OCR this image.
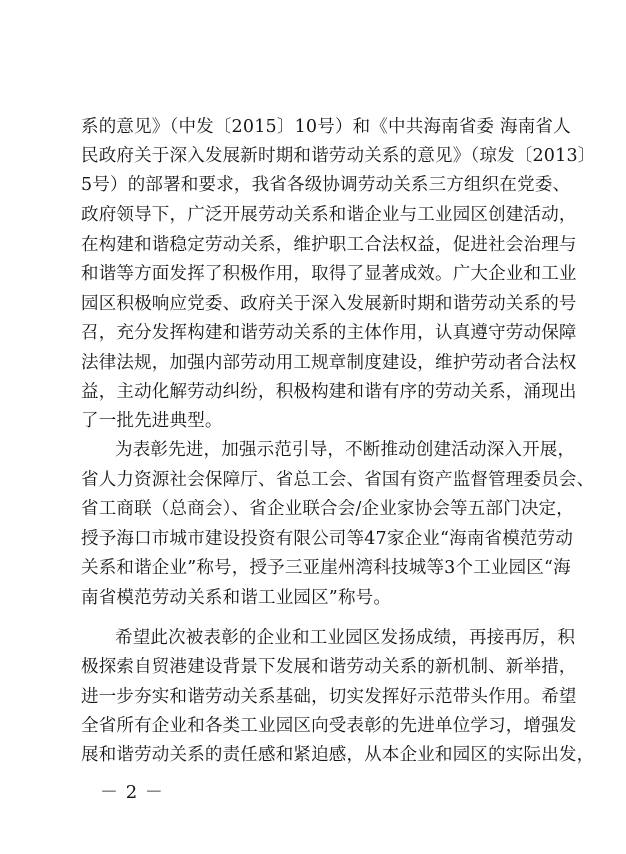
系的意见》（中发〔2015〕10号）和《中共海南省委 海南省人
民政府关于深入发展新时期和谐劳动关系的意见》（琼发〔2013〕
5号）的部署和要求，我省各级协调劳动关系三方组织在党委、
政府领导下，广泛开展劳动关系和谐企业与工业园区创建活动，
在构建和谐稳定劳动关系，维护职工合法权益，促进社会治理与
和谐等方面发挥了积极作用，取得了显著成效。广大企业和工业
园区积极响应党委、政府关于深入发展新时期和谐劳动关系的号
召，充分发挥构建和谐劳动关系的主体作用，认真遵守劳动保障
法律法规，加强内部劳动用工规章制度建设，维护劳动者合法权
益，主动化解劳动纠纷，积极构建和谐有序的劳动关系，涌现出
了一批先进典型。
为表彰先进，加强示范引导，不断推动创建活动深入开展，
省人力资源社会保障厅、省总工会、省国有资产监督管理委员会、
省工商联（总商会）、省企业联合会/企业家协会等五部门决定，
授予海口市城市建设投资有限公司等47家企业“海南省模范劳动
关系和谐企业”称号，授予三亚崖州湾科技城等3个工业园区“海
南省模范劳动关系和谐工业园区”称号。
希望此次被表彰的企业和工业园区发扬成绩，再接再厉，积
极探索自贸港建设背景下发展和谐劳动关系的新机制、新举措，
进一步夯实和谐劳动关系基础，切实发挥好示范带头作用。希望
全省所有企业和各类工业园区向受表彰的先进单位学习，增强发
展和谐劳动关系的责任感和紧迫感，从本企业和园区的实际出发，
－ 2 －
